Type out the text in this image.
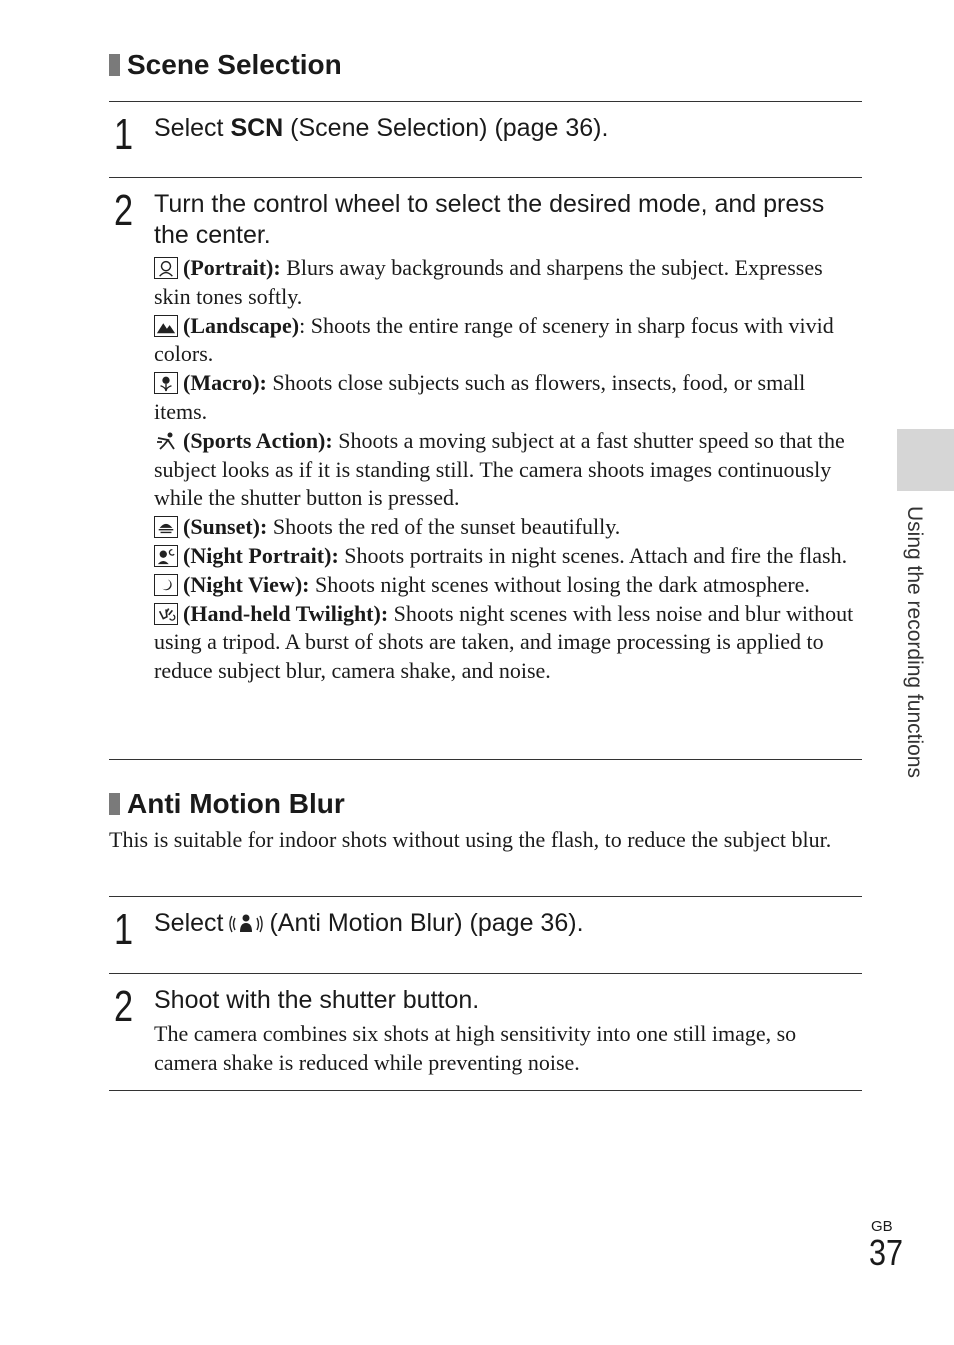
Scene Selection
1 Select SCN (Scene Selection) (page 36).
2 Turn the control wheel to select the desired mode, and press the center.

(Portrait): Blurs away backgrounds and sharpens the subject. Expresses skin tones softly.

(Landscape): Shoots the entire range of scenery in sharp focus with vivid colors.

(Macro): Shoots close subjects such as flowers, insects, food, or small items.

(Sports Action): Shoots a moving subject at a fast shutter speed so that the subject looks as if it is standing still. The camera shoots images continuously while the shutter button is pressed.

(Sunset): Shoots the red of the sunset beautifully.

(Night Portrait): Shoots portraits in night scenes. Attach and fire the flash.

(Night View): Shoots night scenes without losing the dark atmosphere.

(Hand-held Twilight): Shoots night scenes with less noise and blur without using a tripod. A burst of shots are taken, and image processing is applied to reduce subject blur, camera shake, and noise.

Anti Motion Blur
This is suitable for indoor shots without using the flash, to reduce the subject blur.
1 Select (Anti Motion Blur) (page 36).
2 Shoot with the shutter button.
The camera combines six shots at high sensitivity into one still image, so camera shake is reduced while preventing noise.
Using the recording functions
GB
37
